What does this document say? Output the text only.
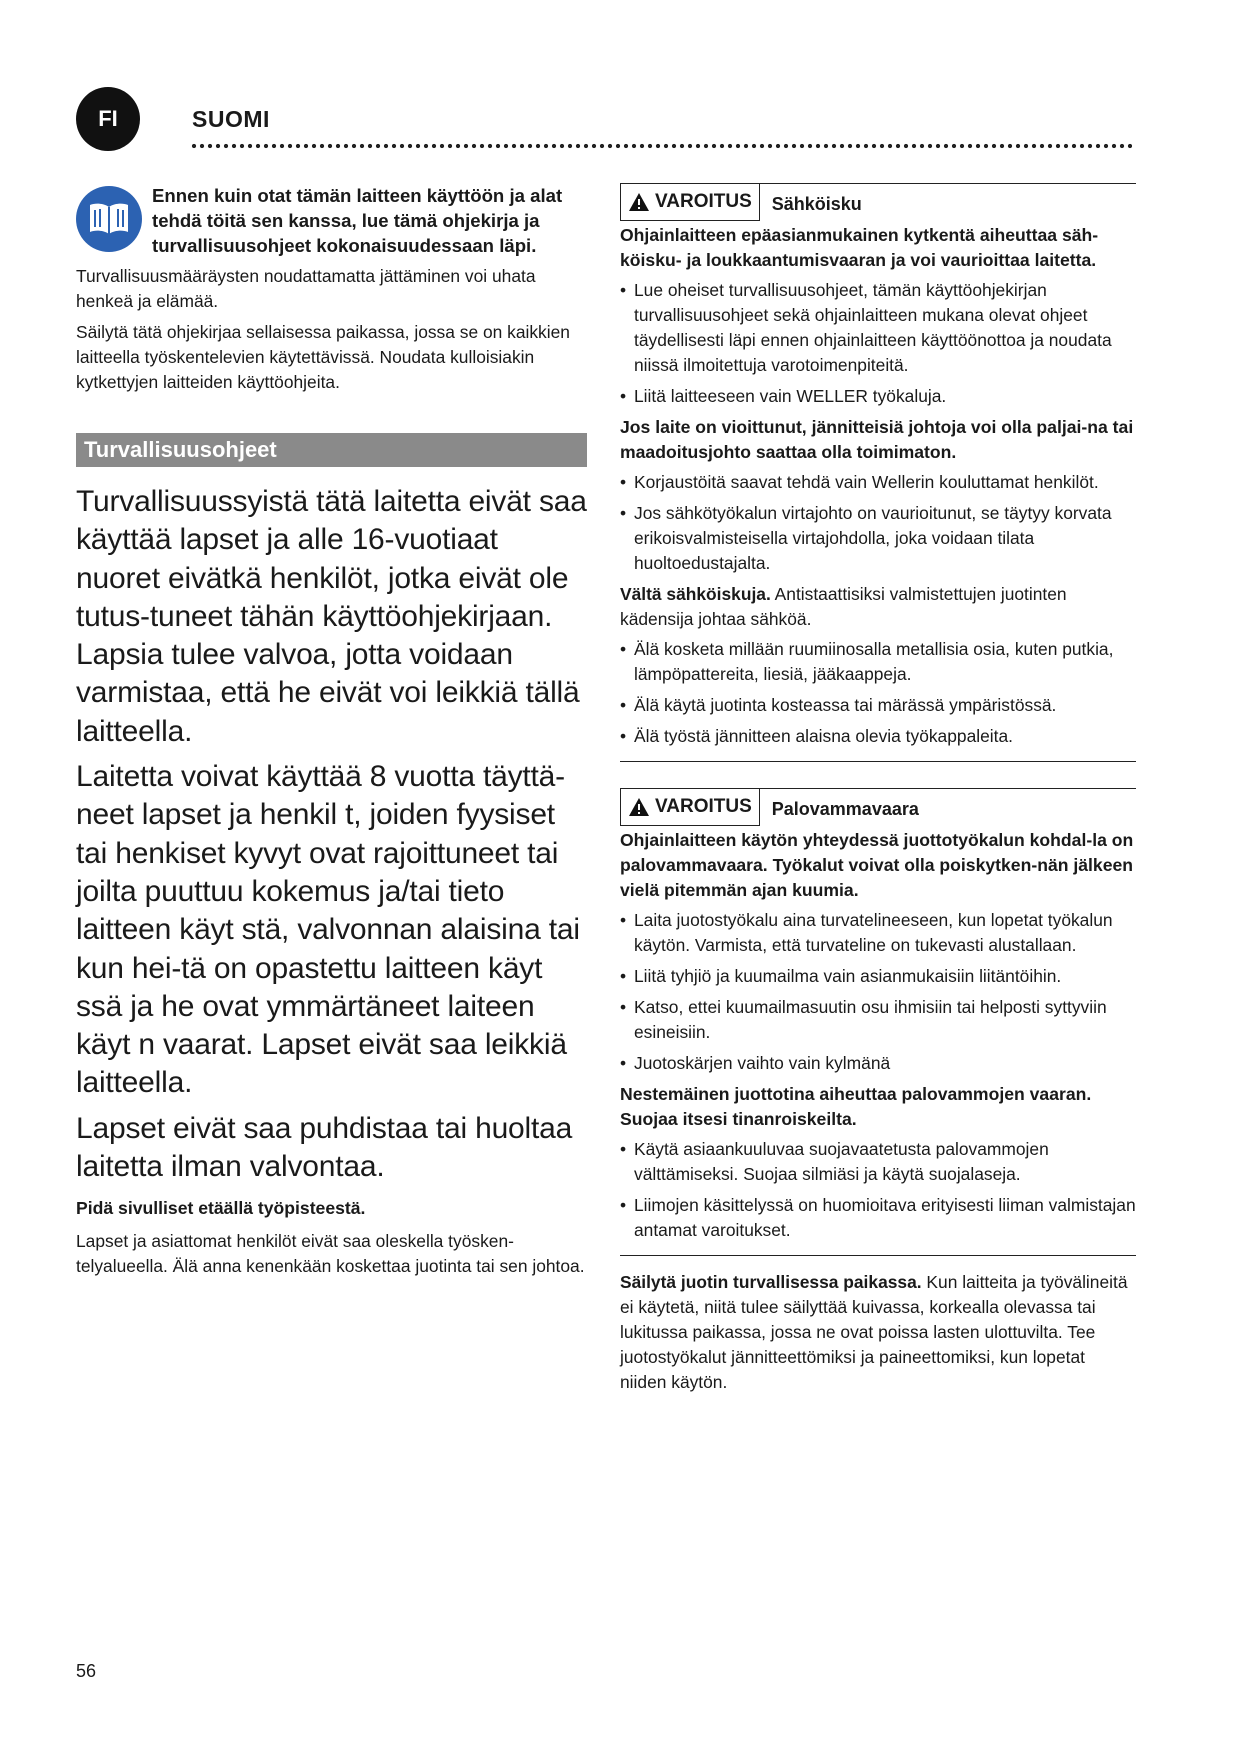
FI	SUOMI
Ennen kuin otat tämän laitteen käyttöön ja alat tehdä töitä sen kanssa, lue tämä ohjekirja ja turvallisuusohjeet kokonaisuudessaan läpi.

Turvallisuusmääräysten noudattamatta jättäminen voi uhata henkeä ja elämää.

Säilytä tätä ohjekirjaa sellaisessa paikassa, jossa se on kaikkien laitteella työskentelevien käytettävissä. Noudata kulloisiakin kytkettyjen laitteiden käyttöohjeita.

Turvallisuusohjeet

Turvallisuussyistä tätä laitetta eivät saa käyttää lapset ja alle 16-vuotiaat nuoret eivätkä henkilöt, jotka eivät ole tutus-tuneet tähän käyttöohjekirjaan. Lapsia tulee valvoa, jotta voidaan varmistaa, että he eivät voi leikkiä tällä laitteella.

Laitetta voivat käyttää 8 vuotta täyttä-neet lapset ja henkil t, joiden fyysiset tai henkiset kyvyt ovat rajoittuneet tai joilta puuttuu kokemus ja/tai tieto laitteen käyt stä, valvonnan alaisina tai kun hei-tä on opastettu laitteen käyt ssä ja he ovat ymmärtäneet laiteen käyt n vaarat. Lapset eivät saa leikkiä laitteella.

Lapset eivät saa puhdistaa tai huoltaa laitetta ilman valvontaa.

Pidä sivulliset etäällä työpisteestä.
Lapset ja asiattomat henkilöt eivät saa oleskella työsken-telyalueella. Älä anna kenenkään koskettaa juotinta tai sen johtoa.
VAROITUS	Sähköisku
Ohjainlaitteen epäasianmukainen kytkentä aiheuttaa säh-köisku- ja loukkaantumisvaaran ja voi vaurioittaa laitetta.
• Lue oheiset turvallisuusohjeet, tämän käyttöohjekirjan turvallisuusohjeet sekä ohjainlaitteen mukana olevat ohjeet täydellisesti läpi ennen ohjainlaitteen käyttöönottoa ja noudata niissä ilmoitettuja varotoimenpiteitä.
• Liitä laitteeseen vain WELLER työkaluja.
Jos laite on vioittunut, jännitteisiä johtoja voi olla paljai-na tai maadoitusjohto saattaa olla toimimaton.
• Korjaustöitä saavat tehdä vain Wellerin kouluttamat henkilöt.
• Jos sähkötyökalun virtajohto on vaurioitunut, se täytyy korvata erikoisvalmisteisella virtajohdolla, joka voidaan tilata huoltoedustajalta.

Vältä sähköiskuja. Antistaattisiksi valmistettujen juotinten kädensija johtaa sähköä.

• Älä kosketa millään ruumiinosalla metallisia osia, kuten putkia, lämpöpattereita, liesiä, jääkaappeja.
• Älä käytä juotinta kosteassa tai märässä ympäristössä.
• Älä työstä jännitteen alaisna olevia työkappaleita.
VAROITUS	Palovammavaara
Ohjainlaitteen käytön yhteydessä juottotyökalun kohdal-la on palovammavaara. Työkalut voivat olla poiskytken-nän jälkeen vielä pitemmän ajan kuumia.
• Laita juotostyökalu aina turvatelineeseen, kun lopetat työkalun käytön. Varmista, että turvateline on tukevasti alustallaan.
• Liitä tyhjiö ja kuumailma vain asianmukaisiin liitäntöihin.
• Katso, ettei kuumailmasuutin osu ihmisiin tai helposti syttyviin esineisiin.
• Juotoskärjen vaihto vain kylmänä
Nestemäinen juottotina aiheuttaa palovammojen vaaran. Suojaa itsesi tinanroiskeilta.
• Käytä asiaankuuluvaa suojavaatetusta palovammojen välttämiseksi. Suojaa silmiäsi ja käytä suojalaseja.
• Liimojen käsittelyssä on huomioitava erityisesti liiman valmistajan antamat varoitukset.

Säilytä juotin turvallisessa paikassa. Kun laitteita ja työvälineitä ei käytetä, niitä tulee säilyttää kuivassa, korkealla olevassa tai lukitussa paikassa, jossa ne ovat poissa lasten ulottuvilta. Tee juotostyökalut jännitteettömiksi ja paineettomiksi, kun lopetat niiden käytön.

56
